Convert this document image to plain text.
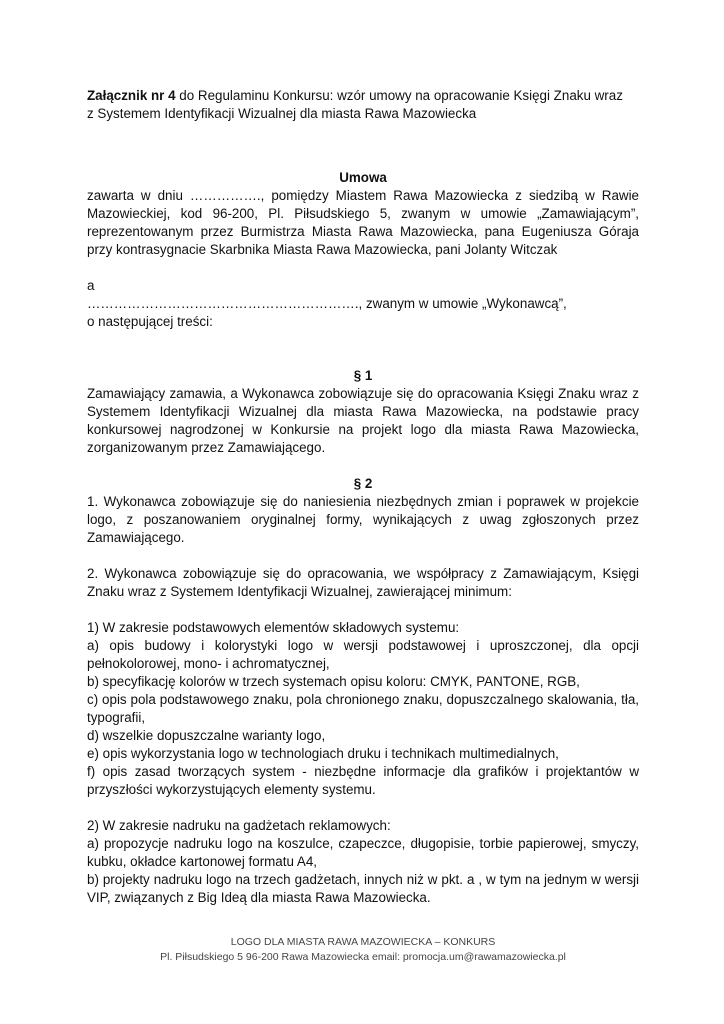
Załącznik nr 4 do Regulaminu Konkursu: wzór umowy na opracowanie Księgi Znaku wraz
z Systemem Identyfikacji Wizualnej dla miasta Rawa Mazowiecka

Umowa

zawarta w dniu ……………., pomiędzy Miastem Rawa Mazowiecka z siedzibą w Rawie Mazowieckiej, kod 96-200, Pl. Piłsudskiego 5, zwanym w umowie „Zamawiającym”, reprezentowanym przez Burmistrza Miasta Rawa Mazowiecka, pana Eugeniusza Góraja przy kontrasygnacie Skarbnika Miasta Rawa Mazowiecka, pani Jolanty Witczak

a

……………………………………………………., zwanym w umowie „Wykonawcą”,

o następującej treści:

§ 1

Zamawiający zamawia, a Wykonawca zobowiązuje się do opracowania Księgi Znaku wraz z Systemem Identyfikacji Wizualnej dla miasta Rawa Mazowiecka, na podstawie pracy konkursowej nagrodzonej w Konkursie na projekt logo dla miasta Rawa Mazowiecka, zorganizowanym przez Zamawiającego.

§ 2

1. Wykonawca zobowiązuje się do naniesienia niezbędnych zmian i poprawek w projekcie logo, z poszanowaniem oryginalnej formy, wynikających z uwag zgłoszonych przez Zamawiającego.

2. Wykonawca zobowiązuje się do opracowania, we współpracy z Zamawiającym, Księgi Znaku wraz z Systemem Identyfikacji Wizualnej, zawierającej minimum:

1) W zakresie podstawowych elementów składowych systemu:

a) opis budowy i kolorystyki logo w wersji podstawowej i uproszczonej, dla opcji pełnokolorowej, mono- i achromatycznej,

b) specyfikację kolorów w trzech systemach opisu koloru: CMYK, PANTONE, RGB,

c) opis pola podstawowego znaku, pola chronionego znaku, dopuszczalnego skalowania, tła, typografii,

d) wszelkie dopuszczalne warianty logo,

e) opis wykorzystania logo w technologiach druku i technikach multimedialnych,

f) opis zasad tworzących system - niezbędne informacje dla grafików i projektantów w przyszłości wykorzystujących elementy systemu.

2) W zakresie nadruku na gadżetach reklamowych:

a) propozycje nadruku logo na koszulce, czapeczce, długopisie, torbie papierowej, smyczy, kubku, okładce kartonowej formatu A4,

b) projekty nadruku logo na trzech gadżetach, innych niż w pkt. a , w tym na jednym w wersji VIP, związanych z Big Ideą dla miasta Rawa Mazowiecka.

LOGO DLA MIASTA RAWA MAZOWIECKA – KONKURS

Pl. Piłsudskiego 5 96-200 Rawa Mazowiecka email: promocja.um@rawamazowiecka.pl
